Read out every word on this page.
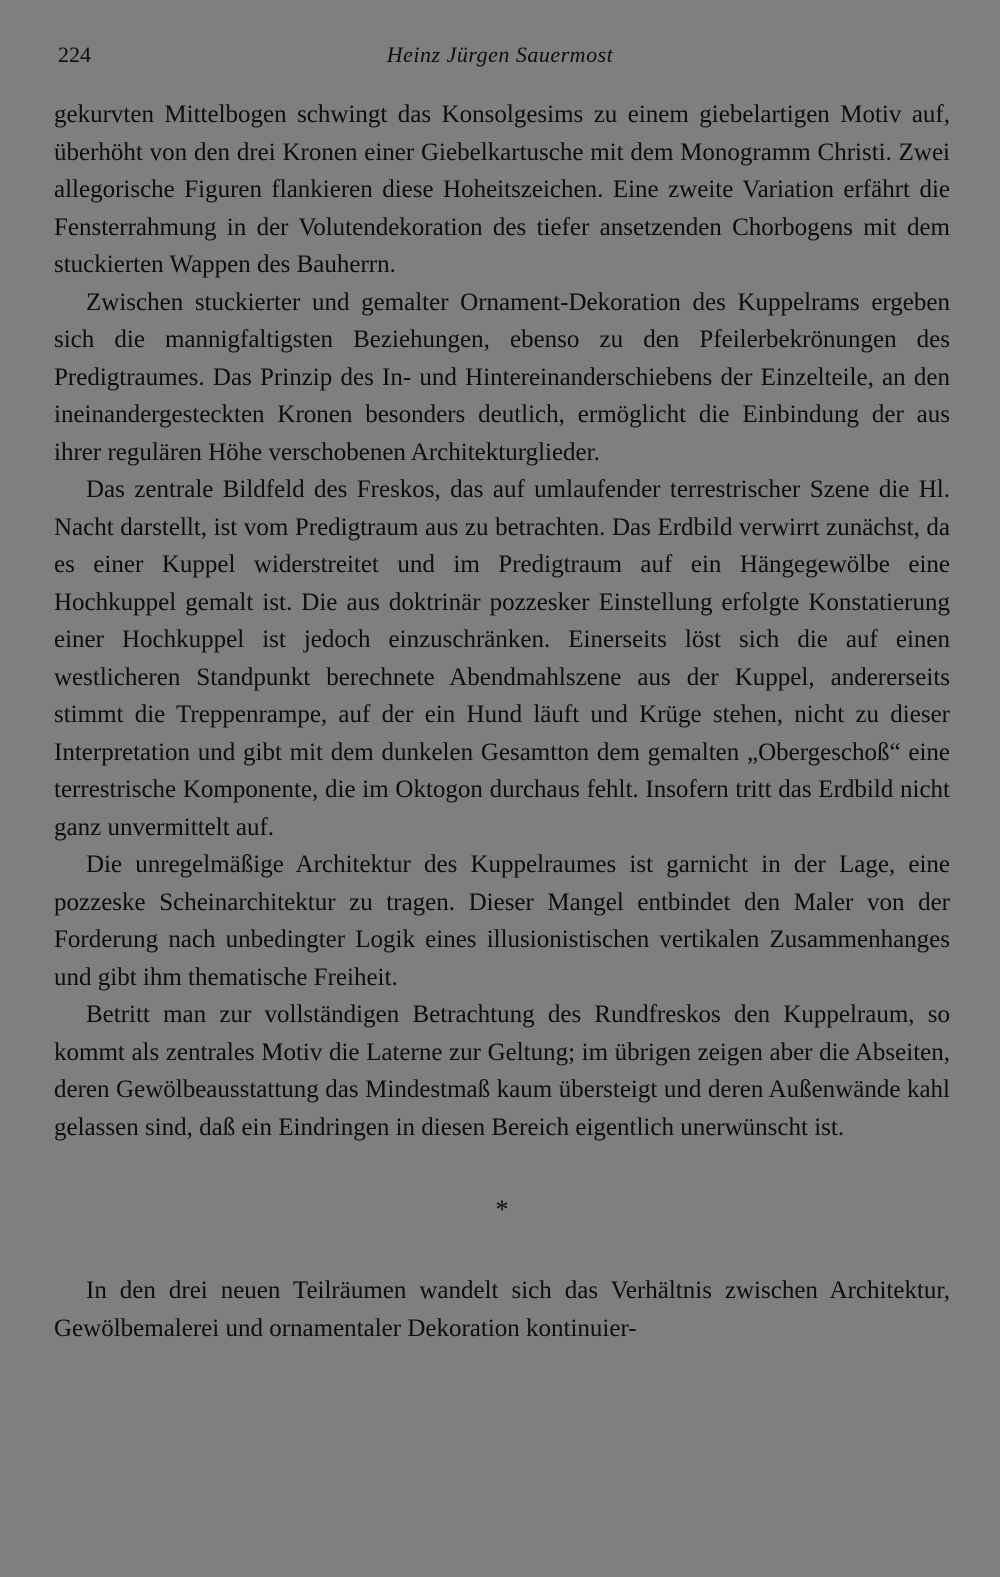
224	Heinz Jürgen Sauermost

gekurvten Mittelbogen schwingt das Konsolgesims zu einem giebelartigen Motiv auf, überhöht von den drei Kronen einer Giebelkartusche mit dem Monogramm Christi. Zwei allegorische Figuren flankieren diese Hoheitszeichen. Eine zweite Variation erfährt die Fensterrahmung in der Volutendekoration des tiefer ansetzenden Chorbogens mit dem stuckierten Wappen des Bauherrn.

Zwischen stuckierter und gemalter Ornament-Dekoration des Kuppelrams ergeben sich die mannigfaltigsten Beziehungen, ebenso zu den Pfeilerbekrönungen des Predigtraumes. Das Prinzip des In- und Hintereinanderschiebens der Einzelteile, an den ineinandergesteckten Kronen besonders deutlich, ermöglicht die Einbindung der aus ihrer regulären Höhe verschobenen Architekturglieder.

Das zentrale Bildfeld des Freskos, das auf umlaufender terrestrischer Szene die Hl. Nacht darstellt, ist vom Predigtraum aus zu betrachten. Das Erdbild verwirrt zunächst, da es einer Kuppel widerstreitet und im Predigtraum auf ein Hängegewölbe eine Hochkuppel gemalt ist. Die aus doktrinär pozzesker Einstellung erfolgte Konstatierung einer Hochkuppel ist jedoch einzuschränken. Einerseits löst sich die auf einen westlicheren Standpunkt berechnete Abendmahlszene aus der Kuppel, andererseits stimmt die Treppenrampe, auf der ein Hund läuft und Krüge stehen, nicht zu dieser Interpretation und gibt mit dem dunkelen Gesamtton dem gemalten „Obergeschoß“ eine terrestrische Komponente, die im Oktogon durchaus fehlt. Insofern tritt das Erdbild nicht ganz unvermittelt auf.

Die unregelmäßige Architektur des Kuppelraumes ist garnicht in der Lage, eine pozzeske Scheinarchitektur zu tragen. Dieser Mangel entbindet den Maler von der Forderung nach unbedingter Logik eines illusionistischen vertikalen Zusammenhanges und gibt ihm thematische Freiheit.

Betritt man zur vollständigen Betrachtung des Rundfreskos den Kuppelraum, so kommt als zentrales Motiv die Laterne zur Geltung; im übrigen zeigen aber die Abseiten, deren Gewölbeausstattung das Mindestmaß kaum übersteigt und deren Außenwände kahl gelassen sind, daß ein Eindringen in diesen Bereich eigentlich unerwünscht ist.

*

In den drei neuen Teilräumen wandelt sich das Verhältnis zwischen Architektur, Gewölbemalerei und ornamentaler Dekoration kontinuier-
